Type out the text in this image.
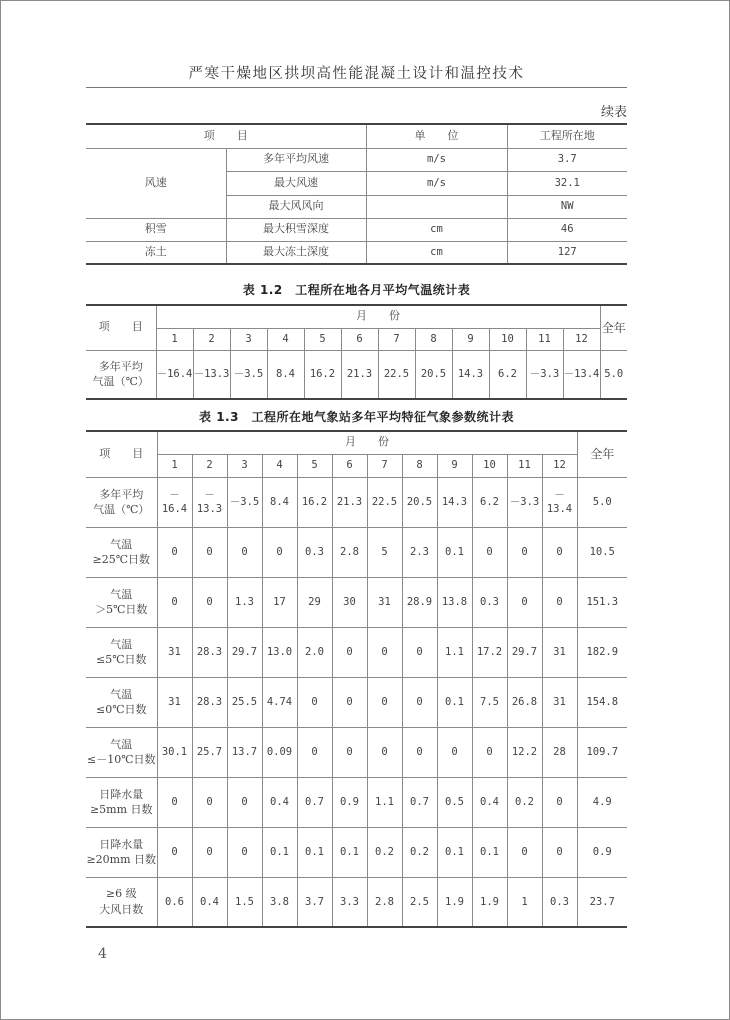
严寒干燥地区拱坝高性能混凝土设计和温控技术
续表
项　　目		单　　位	工程所在地
风速	多年平均风速	m/s	3.7
	最大风速	m/s	32.1
	最大风风向		NW
积雪	最大积雪深度	cm	46
冻土	最大冻土深度	cm	127
表 1.2　工程所在地各月平均气温统计表
项　　目	月　　份												全年
	1	2	3	4	5	6	7	8	9	10	11	12	

多年平均
气温（℃）	－16.4	－13.3	－3.5	8.4	16.2	21.3	22.5	20.5	14.3	6.2	－3.3	－13.4	5.0
表 1.3　工程所在地气象站多年平均特征气象参数统计表
项　　目	月　　份												全年
	1	2	3	4	5	6	7	8	9	10	11	12	

多年平均
气温（℃）	－16.4	－13.3	－3.5	8.4	16.2	21.3	22.5	20.5	14.3	6.2	－3.3	－13.4	5.0

气温
≥25℃日数	0	0	0	0	0.3	2.8	5	2.3	0.1	0	0	0	10.5

气温
＞5℃日数	0	0	1.3	17	29	30	31	28.9	13.8	0.3	0	0	151.3

气温
≤5℃日数	31	28.3	29.7	13.0	2.0	0	0	0	1.1	17.2	29.7	31	182.9

气温
≤0℃日数	31	28.3	25.5	4.74	0	0	0	0	0.1	7.5	26.8	31	154.8

气温
≤－10℃日数	30.1	25.7	13.7	0.09	0	0	0	0	0	0	12.2	28	109.7

日降水量
≥5mm 日数	0	0	0	0.4	0.7	0.9	1.1	0.7	0.5	0.4	0.2	0	4.9

日降水量
≥20mm 日数	0	0	0	0.1	0.1	0.1	0.2	0.2	0.1	0.1	0	0	0.9

≥6 级
大风日数	0.6	0.4	1.5	3.8	3.7	3.3	2.8	2.5	1.9	1.9	1	0.3	23.7
4
